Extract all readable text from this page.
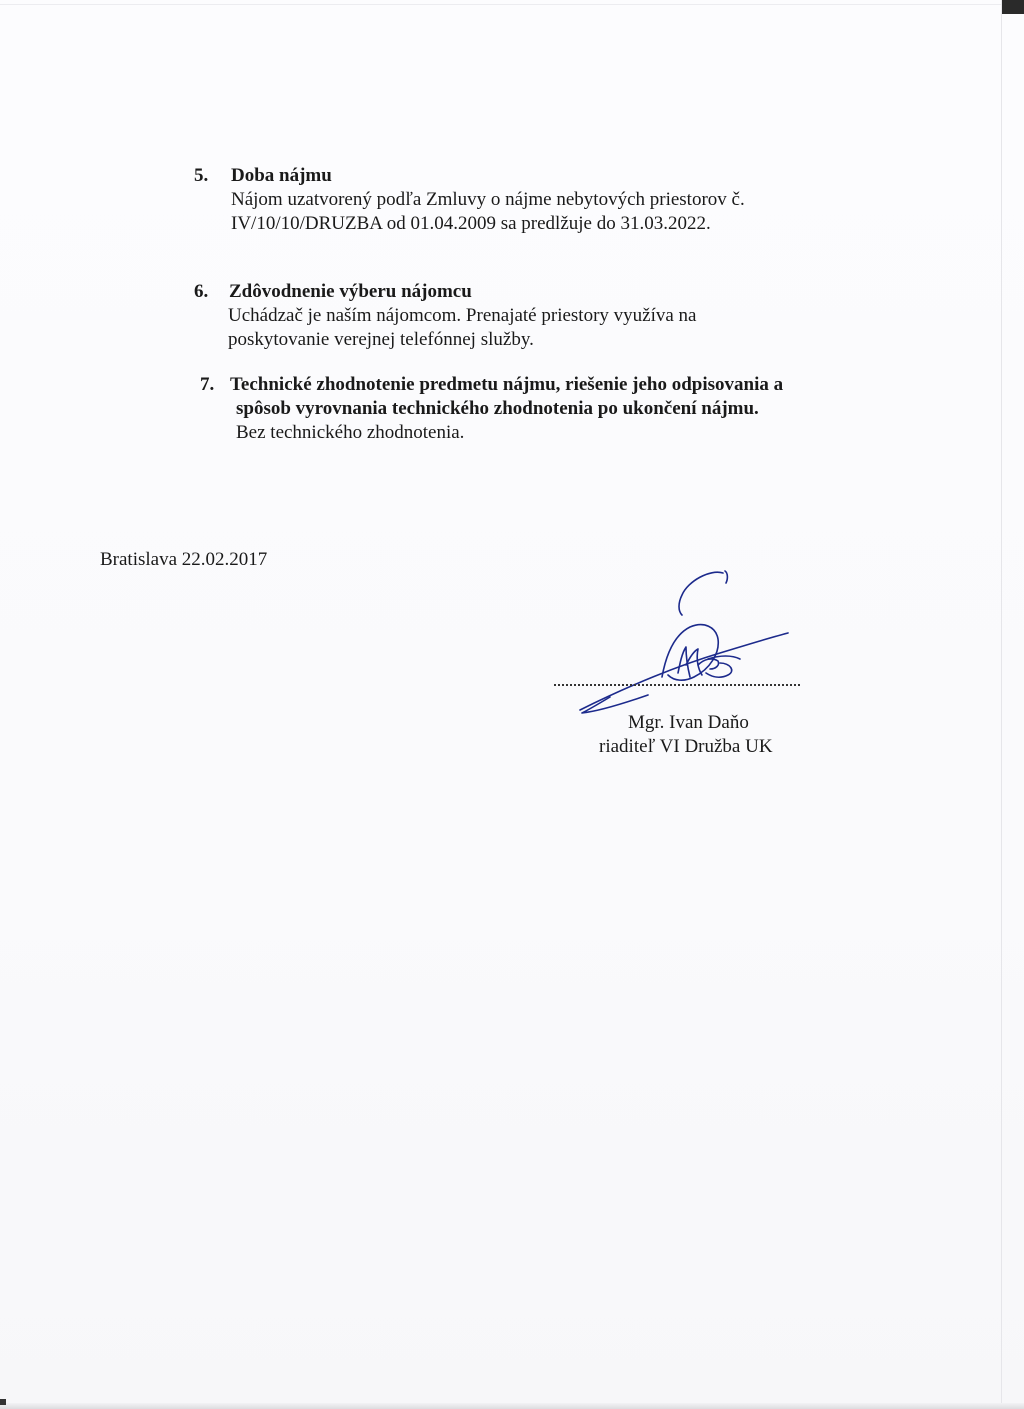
5. Doba nájmu
Nájom uzatvorený podľa Zmluvy o nájme nebytových priestorov č.
IV/10/10/DRUZBA od 01.04.2009 sa predlžuje do 31.03.2022.
6. Zdôvodnenie výberu nájomcu
Uchádzač je naším nájomcom. Prenajaté priestory využíva na
poskytovanie verejnej telefónnej služby.
7. Technické zhodnotenie predmetu nájmu, riešenie jeho odpisovania a
spôsob vyrovnania technického zhodnotenia po ukončení nájmu.
Bez technického zhodnotenia.
Bratislava 22.02.2017
Mgr. Ivan Daňo
riaditeľ VI Družba UK
